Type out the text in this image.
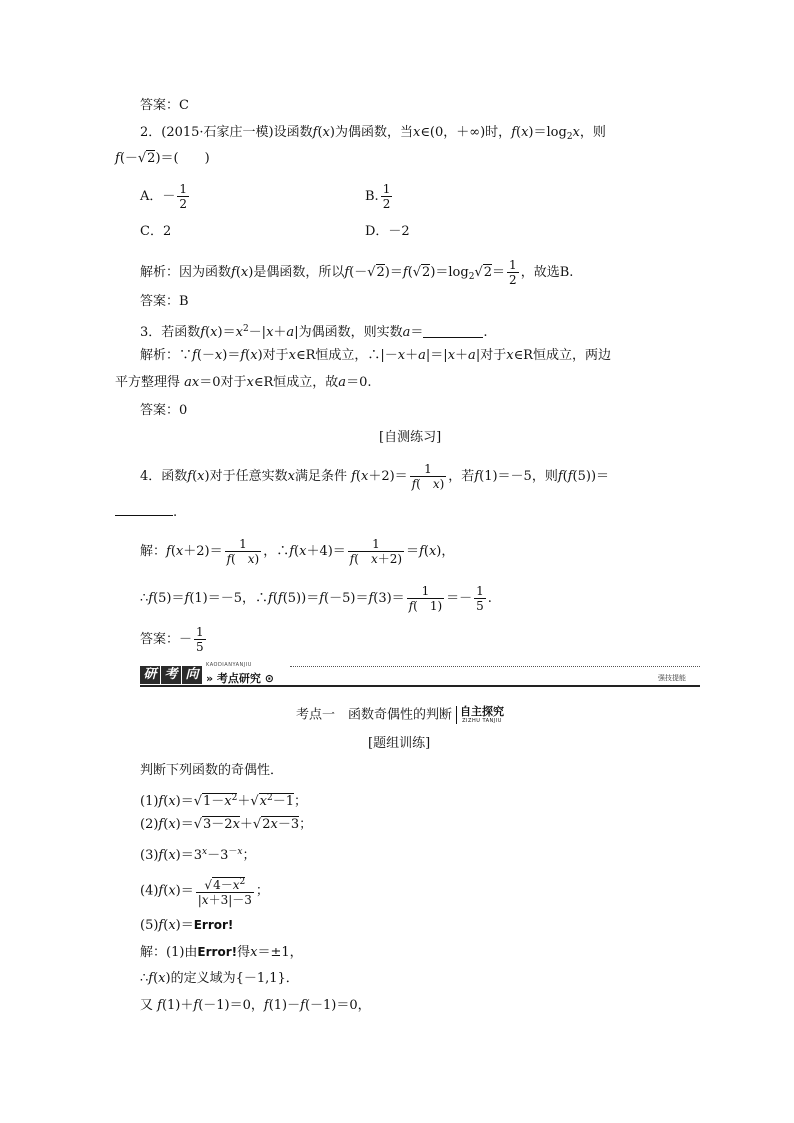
答案：C
2．(2015·石家庄一模)设函数f(x)为偶函数，当x∈(0，＋∞)时，$f(x)=\log_2x$，则
f(－√2)＝(　　)
A．－ $\frac{1}{2}$	B. $\frac{1}{2}$
C．2	D．－2
解析：因为函数f(x)是偶函数，所以$f(-√2)=f(√2)=\log_2√2= \frac{1}{2}$ ，故选B.
答案：B
3．若函数$f(x)=x^2-|x+a|$为偶函数，则实数a＝	.
解析：∵f(－x)＝f(x)对于x∈R恒成立，∴|－x＋a|＝|x＋a|对于x∈R恒成立，两边
平方整理得 ax＝0对于x∈R恒成立，故a＝0.
答案：0
[自测练习]
4．函数f(x)对于任意实数x满足条件 $f(x+2)= \frac{1}{f( x)}$ ，若f(1)＝－5，则f(f(5))＝
.
解：$f(x+2)= \frac{1}{f( x)}$ ，∴f(x＋4)＝ $\frac{1}{f( x+2)} =f(x)$，
∴f(5)＝f(1)＝－5，∴f(f(5))＝f(－5)＝f(3)＝ $\frac{1}{f( 1)} =- \frac{1}{5}$ .
答案：－ $\frac{1}{5}$
研 考 向
KAODIANYANJIU
» 考点研究 ⊙	强技提能
考点一　函数奇偶性的判断 自主探究
ZIZHU TANJIU
[题组训练]
判断下列函数的奇偶性．
$(1)f(x)=√1-x^2+√x^2-1$；
(2)f(x)＝√3－2x＋√2x－3；
$(3)f(x)=3^x-3^{-x}$；
$(4)f(x)= \frac{√4-x^2}{|x+3|-3}$ ；
(5)f(x)＝Error!
解：(1)由Error!得x＝±1，
∴f(x)的定义域为{－1,1}．
又 f(1)＋f(－1)＝0，f(1)－f(－1)＝0，
